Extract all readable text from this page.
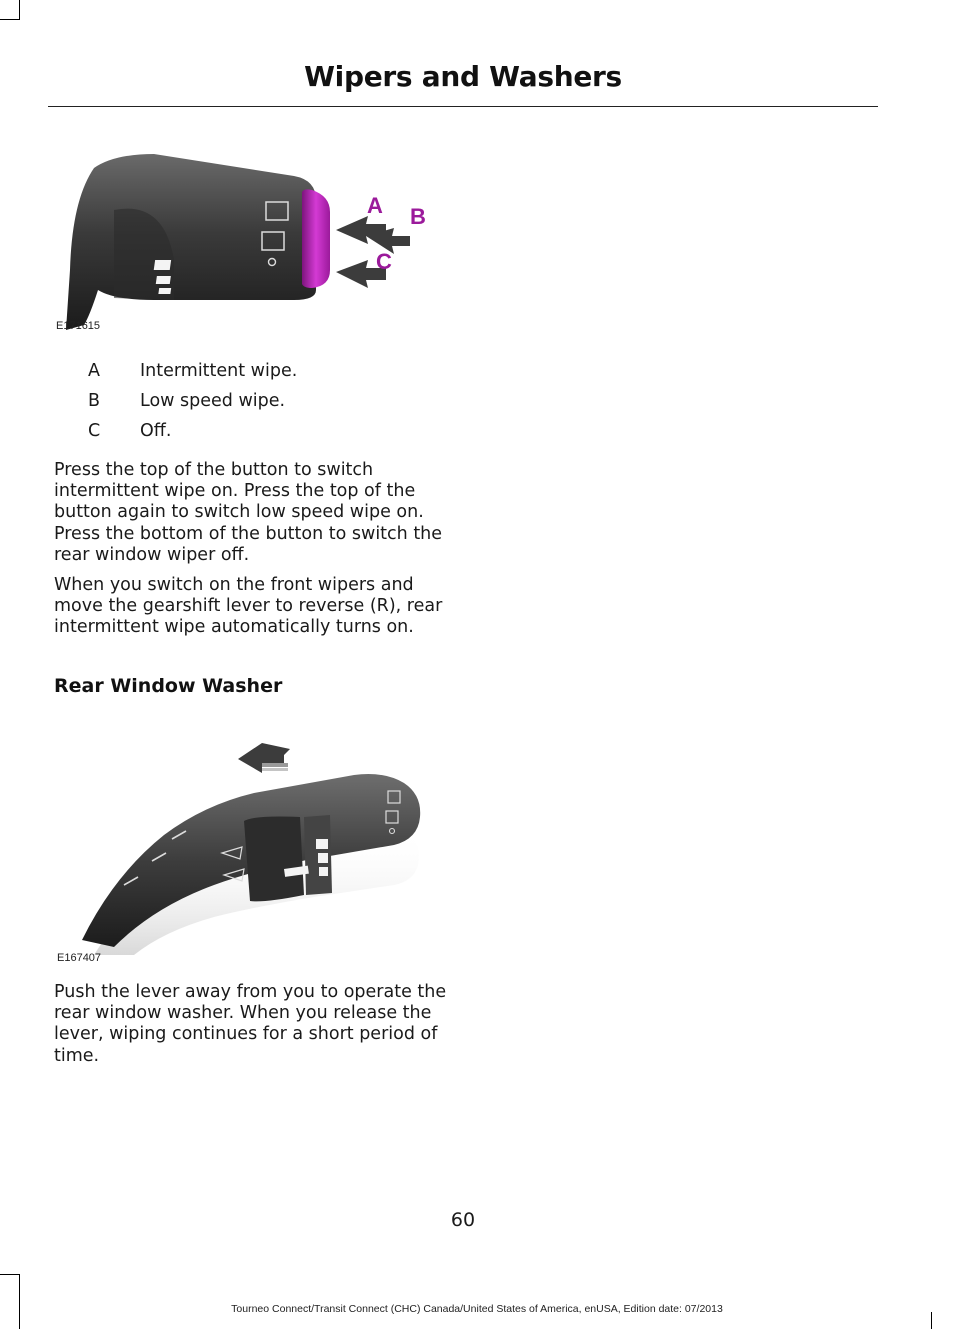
Wipers and Washers
A B
C
E171615
A	Intermittent wipe.
B	Low speed wipe.
C	Off.

Press the top of the button to switch intermittent wipe on. Press the top of the button again to switch low speed wipe on. Press the bottom of the button to switch the rear window wiper off.

When you switch on the front wipers and move the gearshift lever to reverse (R), rear intermittent wipe automatically turns on.

Rear Window Washer
E167407

Push the lever away from you to operate the rear window washer. When you release the lever, wiping continues for a short period of time.

60
Tourneo Connect/Transit Connect (CHC) Canada/United States of America, enUSA, Edition date: 07/2013
